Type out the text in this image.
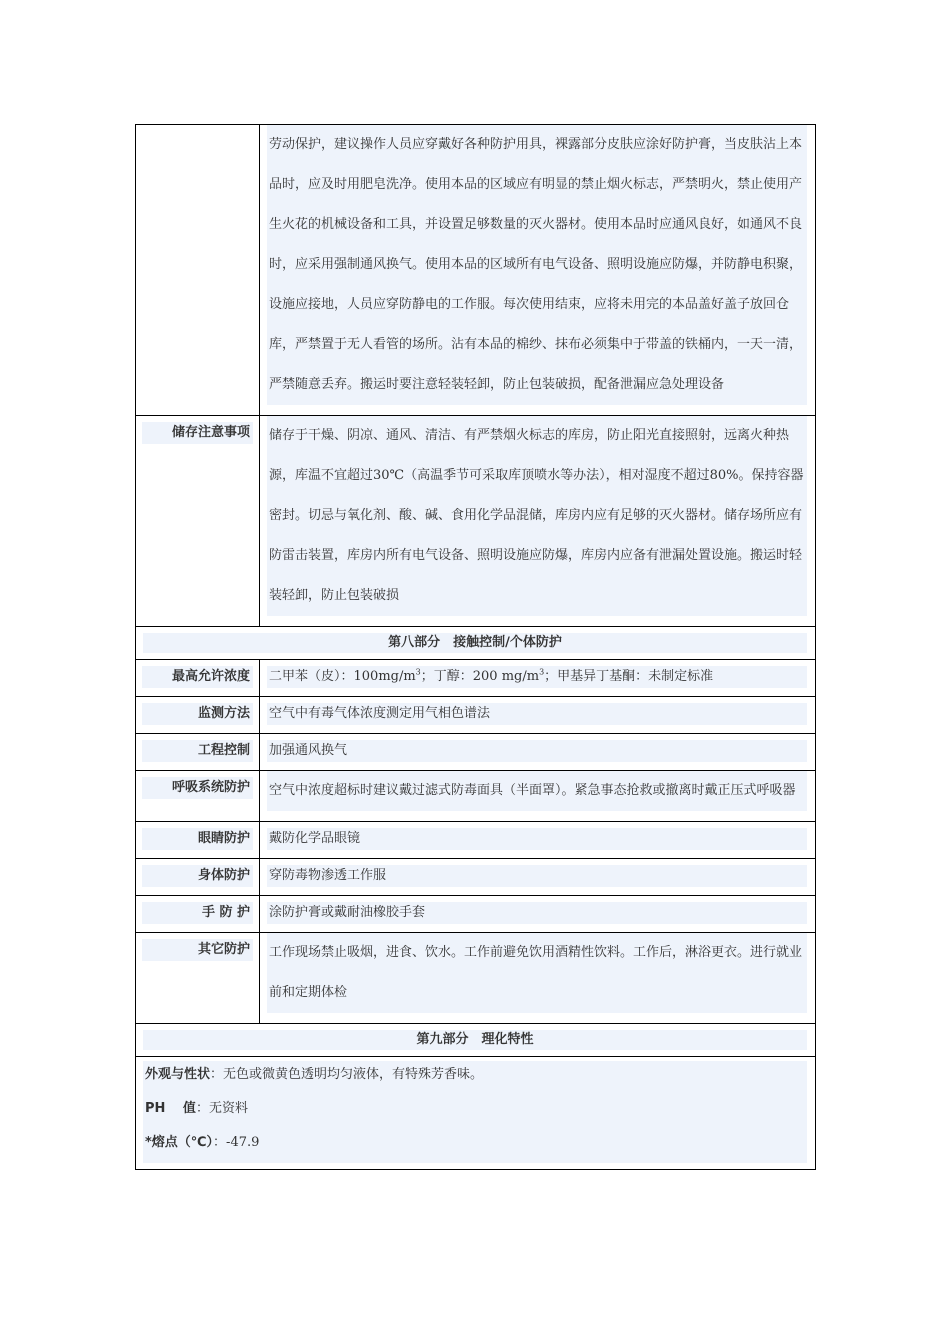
	劳动保护，建议操作人员应穿戴好各种防护用具，裸露部分皮肤应涂好防护膏，当皮肤沾上本品时，应及时用肥皂洗净。使用本品的区域应有明显的禁止烟火标志，严禁明火，禁止使用产生火花的机械设备和工具，并设置足够数量的灭火器材。使用本品时应通风良好，如通风不良时，应采用强制通风换气。使用本品的区域所有电气设备、照明设施应防爆，并防静电积聚，设施应接地，人员应穿防静电的工作服。每次使用结束，应将未用完的本品盖好盖子放回仓库，严禁置于无人看管的场所。沾有本品的棉纱、抹布必须集中于带盖的铁桶内，一天一清，严禁随意丢弃。搬运时要注意轻装轻卸，防止包装破损，配备泄漏应急处理设备

储存注意事项	储存于干燥、阴凉、通风、清洁、有严禁烟火标志的库房，防止阳光直接照射，远离火种热源，库温不宜超过30℃（高温季节可采取库顶喷水等办法），相对湿度不超过80%。保持容器密封。切忌与氧化剂、酸、碱、食用化学品混储，库房内应有足够的灭火器材。储存场所应有防雷击装置，库房内所有电气设备、照明设施应防爆，库房内应备有泄漏处置设施。搬运时轻装轻卸，防止包装破损

第八部分　接触控制/个体防护	

最高允许浓度	二甲苯（皮）：$100mg/m^3$；丁醇：200 $mg/m^3$；甲基异丁基酮：未制定标准

监测方法	空气中有毒气体浓度测定用气相色谱法

工程控制	加强通风换气

呼吸系统防护	空气中浓度超标时建议戴过滤式防毒面具（半面罩）。紧急事态抢救或撤离时戴正压式呼吸器

眼睛防护	戴防化学品眼镜

身体防护	穿防毒物渗透工作服

手 防 护	涂防护膏或戴耐油橡胶手套

其它防护	工作现场禁止吸烟，进食、饮水。工作前避免饮用酒精性饮料。工作后，淋浴更衣。进行就业前和定期体检

第九部分　理化特性	

外观与性状：无色或微黄色透明均匀液体，有特殊芳香味。
PH　 值：无资料
*熔点（℃）：-47.9	
